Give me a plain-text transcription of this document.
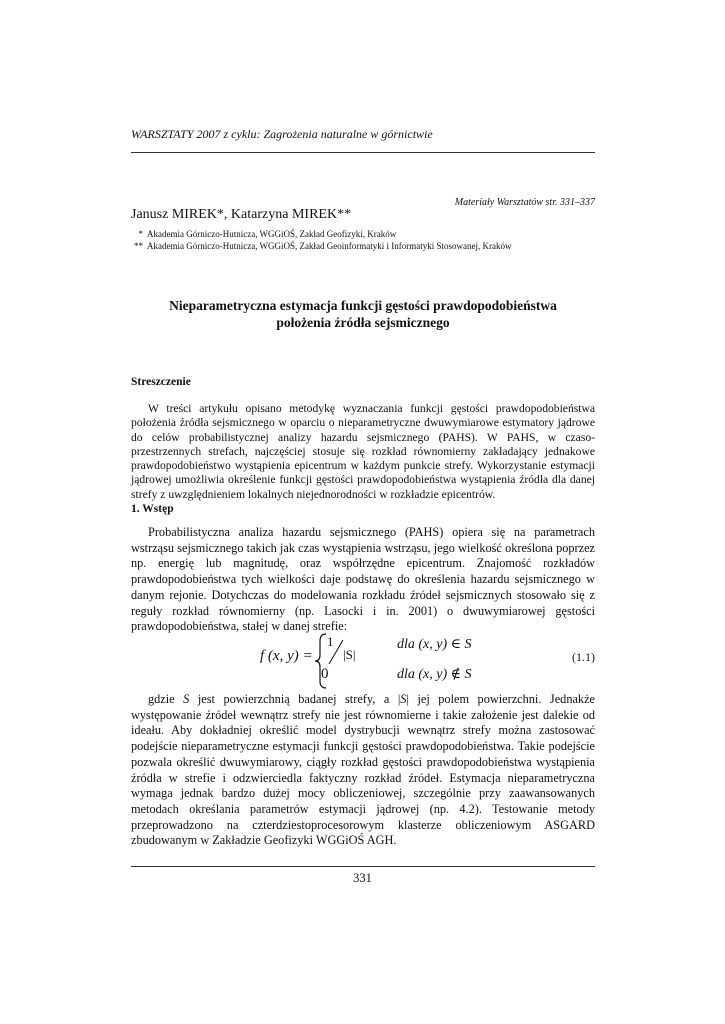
WARSZTATY 2007 z cyklu: Zagrożenia naturalne w górnictwie
Materiały Warsztatów str. 331–337
Janusz MIREK*, Katarzyna MIREK**
* Akademia Górniczo-Hutnicza, WGGiOŚ, Zakład Geofizyki, Kraków
** Akademia Górniczo-Hutnicza, WGGiOŚ, Zakład Geoinformatyki i Informatyki Stosowanej, Kraków
Nieparametryczna estymacja funkcji gęstości prawdopodobieństwa
położenia źródła sejsmicznego
Streszczenie

W treści artykułu opisano metodykę wyznaczania funkcji gęstości prawdopodobieństwa położenia źródła sejsmicznego w oparciu o nieparametryczne dwuwymiarowe estymatory jądrowe do celów probabilistycznej analizy hazardu sejsmicznego (PAHS). W PAHS, w czaso-przestrzennych strefach, najczęściej stosuje się rozkład równomierny zakładający jednakowe prawdopodobieństwo wystąpienia epicentrum w każdym punkcie strefy. Wykorzystanie estymacji jądrowej umożliwia określenie funkcji gęstości prawdopodobieństwa wystąpienia źródła dla danej strefy z uwzględnieniem lokalnych niejednorodności w rozkładzie epicentrów.

1. Wstęp

Probabilistyczna analiza hazardu sejsmicznego (PAHS) opiera się na parametrach wstrząsu sejsmicznego takich jak czas wystąpienia wstrząsu, jego wielkość określona poprzez np. energię lub magnitudę, oraz współrzędne epicentrum. Znajomość rozkładów prawdopodobieństwa tych wielkości daje podstawę do określenia hazardu sejsmicznego w danym rejonie. Dotychczas do modelowania rozkładu źródeł sejsmicznych stosowało się z reguły rozkład równomierny (np. Lasocki i in. 2001) o dwuwymiarowej gęstości prawdopodobieństwa, stałej w danej strefie:

f (x, y) =
1
|S|
0
dla (x, y) ∈ S
dla (x, y) ∉ S
(1.1)

gdzie S jest powierzchnią badanej strefy, a |S| jej polem powierzchni. Jednakże występowanie źródeł wewnątrz strefy nie jest równomierne i takie założenie jest dalekie od ideału. Aby dokładniej określić model dystrybucji wewnątrz strefy można zastosować podejście nieparametryczne estymacji funkcji gęstości prawdopodobieństwa. Takie podejście pozwala określić dwuwymiarowy, ciągły rozkład gęstości prawdopodobieństwa wystąpienia źródła w strefie i odzwierciedla faktyczny rozkład źródeł. Estymacja nieparametryczna wymaga jednak bardzo dużej mocy obliczeniowej, szczególnie przy zaawansowanych metodach określania parametrów estymacji jądrowej (np. 4.2). Testowanie metody przeprowadzono na czterdziestoprocesorowym klasterze obliczeniowym ASGARD zbudowanym w Zakładzie Geofizyki WGGiOŚ AGH.

331
